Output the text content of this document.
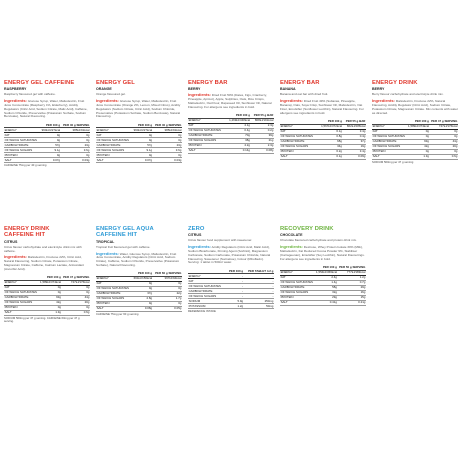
ENERGY GEL CAFFEINE
RASPBERRY
Raspberry flavoured gel with caffeine.
Ingredients: Glucose Syrup, Water, Maltodextrin, Fruit Juice Concentrate (Raspberry 1%, Elderberry), Acidity Regulators (Citric Acid, Sodium Citrate, Malic Acid), Caffeine, Sodium Chloride, Preservative (Potassium Sorbate, Sodium Benzoate), Natural Flavouring.
	PER 100 g	PER 40 g SERVING
ENERGY	964kJ/227kcal	385kJ/91kcal
FAT	0g	0g
OF WHICH SATURATES	0g	0g
CARBOHYDRATE	57g	23g
OF WHICH SUGARS	9.1g	3.6g
PROTEIN	0g	0g
SALT	0.07g	0.03g
CAFFEINE 75mg per 40 g serving
ENERGY GEL
ORANGE
Orange flavoured gel.
Ingredients: Glucose Syrup, Water, Maltodextrin, Fruit Juice Concentrate (Orange 2%, Lemon, Mixed Citrus), Acidity Regulators (Sodium Citrate, Citric Acid), Sodium Chloride, Preservative (Potassium Sorbate, Sodium Benzoate), Natural Flavouring.
	PER 100 g	PER 40 g SERVING
ENERGY	964kJ/227kcal	385kJ/91kcal
FAT	0g	0g
OF WHICH SATURATES	0g	0g
CARBOHYDRATE	57g	23g
OF WHICH SUGARS	9.1g	3.6g
PROTEIN	0g	0g
SALT	0.07g	0.03g
ENERGY BAR
BERRY
Ingredients: Dried Fruit 50% (Dates, Figs, Cranberry, Pineapple, Apricot), Apple, Sulphites, Oats, Rice Crisps, Maltodextrin, Oat Flour, Rapeseed Oil, Sunflower Oil, Natural Flavouring. For allergens see ingredients in bold.
	PER 100 g	PER 55 g BAR
ENERGY	1,469kJ/348kcal	808kJ/191kcal
FAT	4.1g	2.3g
OF WHICH SATURATES	0.4g	0.2g
CARBOHYDRATE	70g	39g
OF WHICH SUGARS	38g	21g
PROTEIN	4.2g	2.3g
SALT	0.14g	0.08g
ENERGY BAR
BANANA
Banana and oat bar with dried fruit.
Ingredients: Dried Fruit 49% (Sultanas, Pineapple, Banana), Oats, Soya Crisp, Sunflower Oil, Maltodextrin, Oat Flour, Emulsifier (Sunflower Lecithin), Natural Flavouring. For allergens see ingredients in bold.
	PER 100 g	PER 55 g BAR
ENERGY	1,567kJ/372kcal	862kJ/205kcal
FAT	6.1g	3.4g
OF WHICH SATURATES	0.8g	0.4g
CARBOHYDRATE	68g	37g
OF WHICH SUGARS	34g	19g
PROTEIN	6.2g	3.4g
SALT	0.1g	0.06g
ENERGY DRINK
BERRY
Berry flavour carbohydrate and electrolyte drink mix.
Ingredients: Maltodextrin, Fructose 22%, Natural Flavouring, Acidity Regulator (Citric Acid), Sodium Citrate, Potassium Citrate, Magnesium Citrate. Mix contents with water as directed.
	PER 100 g	PER 47 g SERVING
ENERGY	1,589kJ/374kcal	747kJ/176kcal
FAT	0g	0g
OF WHICH SATURATES	0g	0g
CARBOHYDRATE	93g	44g
OF WHICH SUGARS	42g	20g
PROTEIN	0g	0g
SALT	1.3g	0.6g
SODIUM 500mg per 47 g serving
ENERGY DRINK
CAFFEINE HIT
CITRUS
Citrus flavour carbohydrate and electrolyte drink mix with caffeine.
Ingredients: Maltodextrin, Fructose 22%, Citric Acid, Natural Flavouring, Sodium Citrate, Potassium Citrate, Magnesium Citrate, Caffeine, Calcium Lactate, Antioxidant (Ascorbic Acid).
	PER 100 g	PER 47 g SERVING
ENERGY	1,589kJ/374kcal	747kJ/176kcal
FAT	0g	0g
OF WHICH SATURATES	0g	0g
CARBOHYDRATE	93g	44g
OF WHICH SUGARS	42g	20g
PROTEIN	0g	0g
SALT	1.3g	0.6g
SODIUM 500mg per 47 g serving. CAFFEINE 60mg per 47 g serving.
ENERGY GEL AQUA
CAFFEINE HIT
TROPICAL
Tropical fruit flavoured gel with caffeine.
Ingredients: Water, Glucose Syrup, Maltodextrin, Fruit Juice Concentrate, Acidity Regulators (Citric Acid, Sodium Citrate), Caffeine, Sodium Chloride, Preservative (Potassium Sorbate), Natural Flavouring.
	PER 100 g	PER 60 g SERVING
ENERGY	661kJ/156kcal	397kJ/94kcal
FAT	0g	0g
OF WHICH SATURATES	0g	0g
CARBOHYDRATE	37g	22g
OF WHICH SUGARS	2.8g	1.7g
PROTEIN	0g	0g
SALT	0.08g	0.05g
CAFFEINE 75mg per 60 g serving
ZERO
CITRUS
Citrus flavour food supplement with sweetener.
Ingredients: Acidity Regulators (Citric Acid, Malic Acid), Sodium Bicarbonate, Firming Agent (Sorbitol), Magnesium Carbonate, Sodium Carbonate, Potassium Chloride, Natural Flavouring, Sweetener (Sucralose), Colour (Riboflavin). Serving: 1 tablet in 500ml water.
	PER 100 g	PER TABLET 4.2 g
ENERGY	-	-
FAT	-	-
OF WHICH SATURATES	-	-
CARBOHYDRATE	-	-
OF WHICH SUGARS	-	-
SODIUM	5.9g	250mg
POTASSIUM	1.2g	50mg
REFERENCE INTAKE
RECOVERY DRINK
CHOCOLATE
Chocolate flavoured carbohydrate and protein drink mix.
Ingredients: Dextrose, Whey Protein Isolate 30% (Milk), Maltodextrin, Fat Reduced Cocoa Powder 9%, Stabiliser (Carrageenan), Emulsifier (Soy Lecithin), Natural Flavourings. For allergens see ingredients in bold.
	PER 100 g	PER 50 g SERVING
ENERGY	1,554kJ/366kcal	777kJ/183kcal
FAT	2.4g	1.2g
OF WHICH SATURATES	1.4g	0.7g
CARBOHYDRATE	58g	29g
OF WHICH SUGARS	32g	16g
PROTEIN	29g	15g
SALT	0.41g	0.21g
